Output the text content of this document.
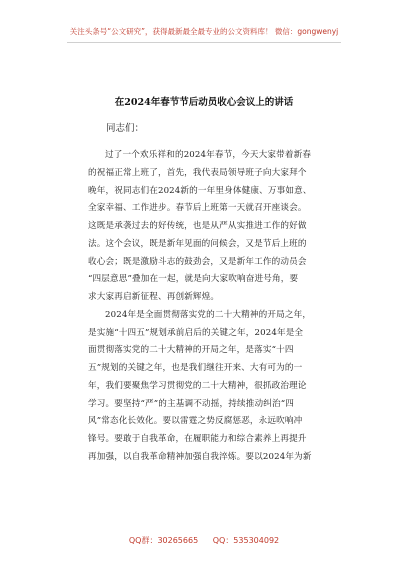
关注头条号“公文研究”，获得最新最全最专业的公文资料库！ 微信：gongwenyj
在2024年春节节后动员收心会议上的讲话
同志们：
过了一个欢乐祥和的2024年春节，今天大家带着新春
的祝福正常上班了，首先，我代表局领导班子向大家拜个
晚年，祝同志们在2024新的一年里身体健康、万事如意、
全家幸福、工作进步。春节后上班第一天就召开座谈会。
这既是承袭过去的好传统，也是从严从实推进工作的好做
法。这个会议，既是新年见面的问候会，又是节后上班的
收心会；既是激励斗志的鼓劲会，又是新年工作的动员会
“四层意思”叠加在一起，就是向大家吹响奋进号角，要
求大家再启新征程、再创新辉煌。
2024年是全面贯彻落实党的二十大精神的开局之年，
是实施“十四五”规划承前启后的关键之年，2024年是全
面贯彻落实党的二十大精神的开局之年，是落实“十四
五”规划的关键之年，也是我们继往开来、大有可为的一
年，我们要聚焦学习贯彻党的二十大精神，很抓政治理论
学习。要坚持“严”的主基调不动摇，持续推动纠治“四
风”常态化长效化。要以雷霆之势反腐惩恶，永远吹响冲
锋号。要敢于自我革命，在履职能力和综合素养上再提升
再加强，以自我革命精神加强自我淬炼。要以2024年为新
QQ群：30265665 QQ：535304092
